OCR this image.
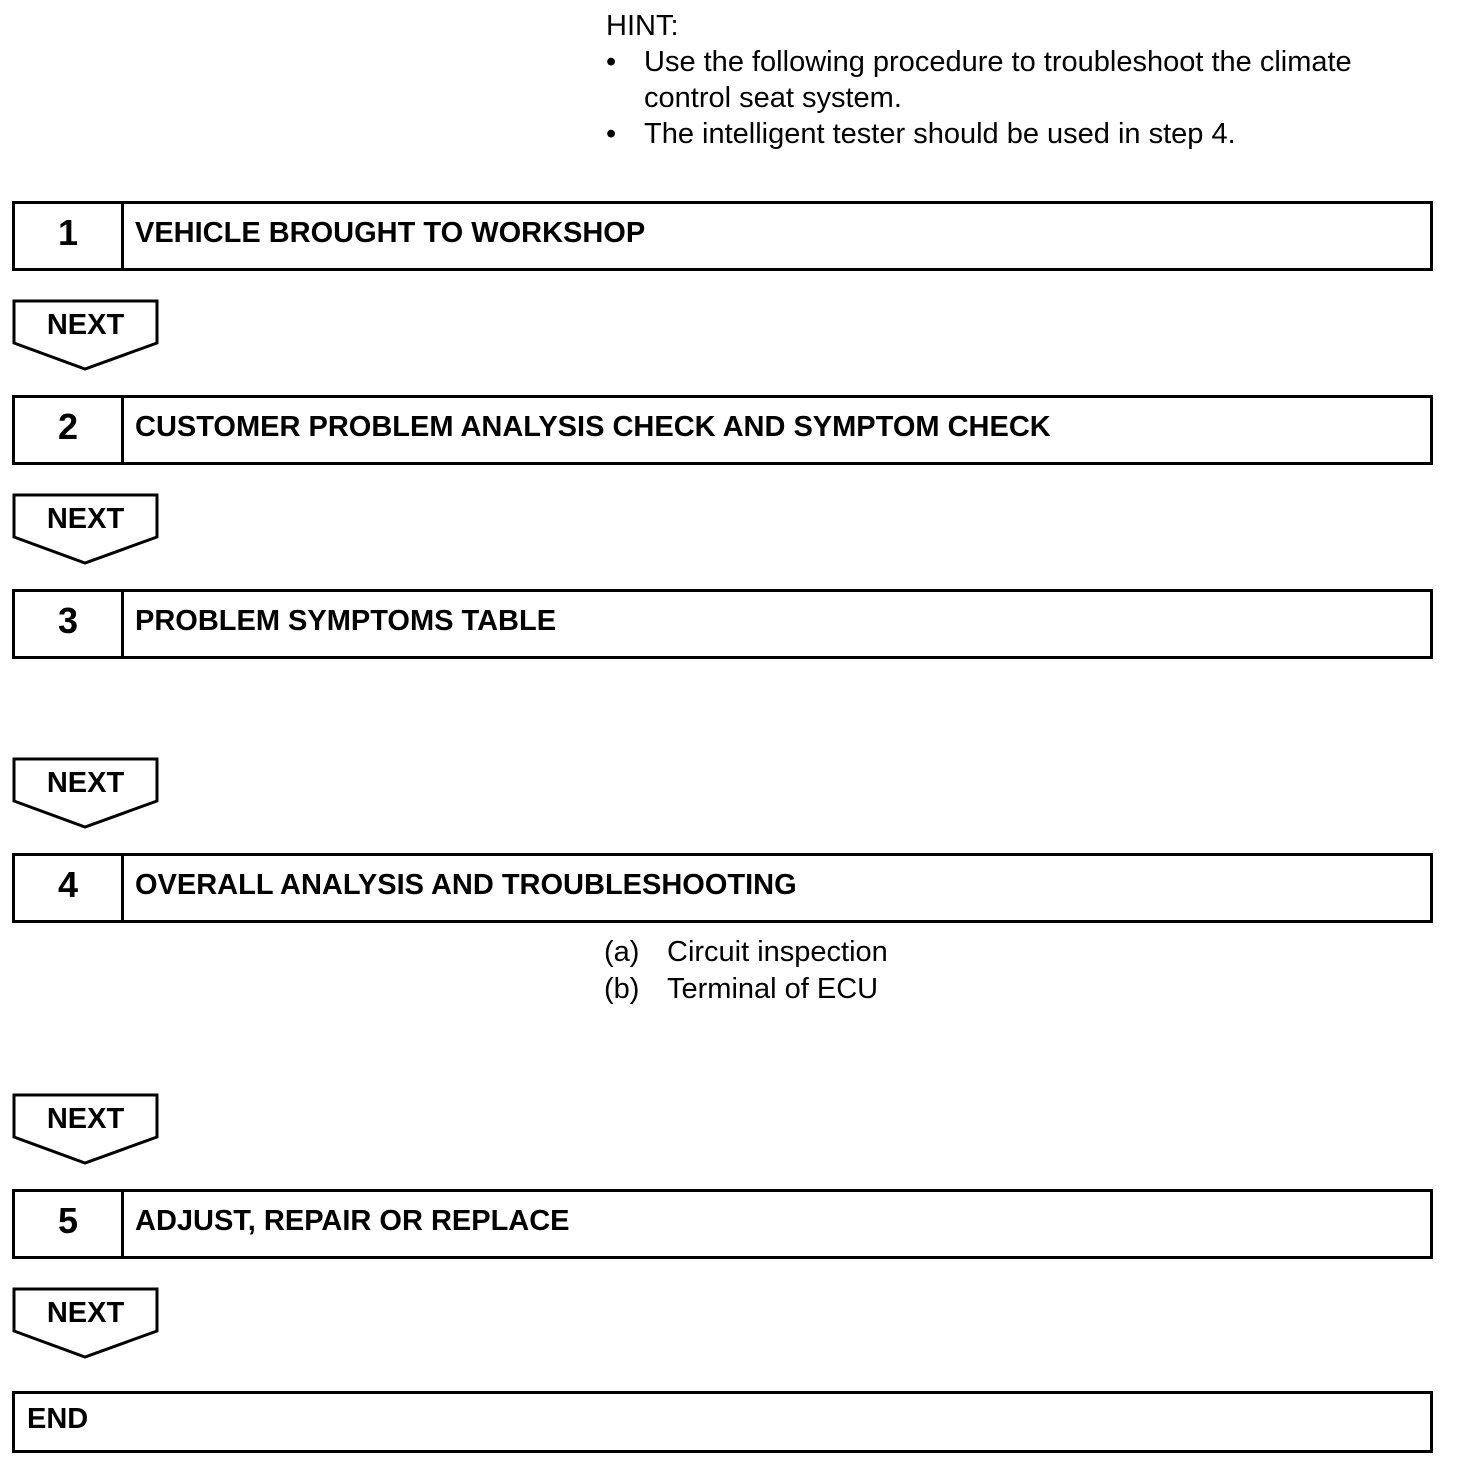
HINT:
• Use the following procedure to troubleshoot the climate
control seat system.
• The intelligent tester should be used in step 4.
1	VEHICLE BROUGHT TO WORKSHOP
NEXT
2	CUSTOMER PROBLEM ANALYSIS CHECK AND SYMPTOM CHECK
NEXT
3	PROBLEM SYMPTOMS TABLE
NEXT
4	OVERALL ANALYSIS AND TROUBLESHOOTING
(a) Circuit inspection
(b) Terminal of ECU
NEXT
5	ADJUST, REPAIR OR REPLACE
NEXT
END
